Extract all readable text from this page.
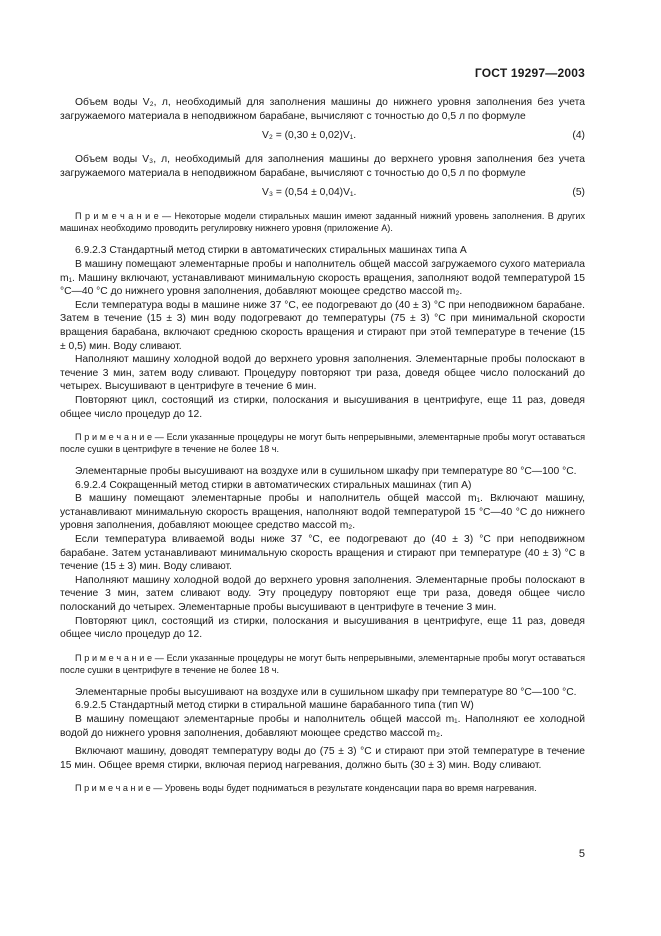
ГОСТ 19297—2003

Объем воды V₂, л, необходимый для заполнения машины до нижнего уровня заполнения без учета загружаемого материала в неподвижном барабане, вычисляют с точностью до 0,5 л по формуле

V₂ = (0,30 ± 0,02)V₁.	(4)

Объем воды V₃, л, необходимый для заполнения машины до верхнего уровня заполнения без учета загружаемого материала в неподвижном барабане, вычисляют с точностью до 0,5 л по формуле

V₃ = (0,54 ± 0,04)V₁.	(5)

П р и м е ч а н и е — Некоторые модели стиральных машин имеют заданный нижний уровень заполнения. В других машинах необходимо проводить регулировку нижнего уровня (приложение А).

6.9.2.3 Стандартный метод стирки в автоматических стиральных машинах типа А

В машину помещают элементарные пробы и наполнитель общей массой загружаемого сухого материала m₁. Машину включают, устанавливают минимальную скорость вращения, заполняют водой температурой 15 °С—40 °С до нижнего уровня заполнения, добавляют моющее средство массой m₂.

Если температура воды в машине ниже 37 °С, ее подогревают до (40 ± 3) °С при неподвижном барабане. Затем в течение (15 ± 3) мин воду подогревают до температуры (75 ± 3) °С при минимальной скорости вращения барабана, включают среднюю скорость вращения и стирают при этой температуре в течение (15 ± 0,5) мин. Воду сливают.

Наполняют машину холодной водой до верхнего уровня заполнения. Элементарные пробы полоскают в течение 3 мин, затем воду сливают. Процедуру повторяют три раза, доведя общее число полосканий до четырех. Высушивают в центрифуге в течение 6 мин.

Повторяют цикл, состоящий из стирки, полоскания и высушивания в центрифуге, еще 11 раз, доведя общее число процедур до 12.

П р и м е ч а н и е — Если указанные процедуры не могут быть непрерывными, элементарные пробы могут оставаться после сушки в центрифуге в течение не более 18 ч.

Элементарные пробы высушивают на воздухе или в сушильном шкафу при температуре 80 °С—100 °С.

6.9.2.4 Сокращенный метод стирки в автоматических стиральных машинах (тип А)

В машину помещают элементарные пробы и наполнитель общей массой m₁. Включают машину, устанавливают минимальную скорость вращения, наполняют водой температурой 15 °С—40 °С до нижнего уровня заполнения, добавляют моющее средство массой m₂.

Если температура вливаемой воды ниже 37 °С, ее подогревают до (40 ± 3) °С при неподвижном барабане. Затем устанавливают минимальную скорость вращения и стирают при температуре (40 ± 3) °С в течение (15 ± 3) мин. Воду сливают.

Наполняют машину холодной водой до верхнего уровня заполнения. Элементарные пробы полоскают в течение 3 мин, затем сливают воду. Эту процедуру повторяют еще три раза, доведя общее число полосканий до четырех. Элементарные пробы высушивают в центрифуге в течение 3 мин.

Повторяют цикл, состоящий из стирки, полоскания и высушивания в центрифуге, еще 11 раз, доведя общее число процедур до 12.

П р и м е ч а н и е — Если указанные процедуры не могут быть непрерывными, элементарные пробы могут оставаться после сушки в центрифуге в течение не более 18 ч.

Элементарные пробы высушивают на воздухе или в сушильном шкафу при температуре 80 °С—100 °С.

6.9.2.5 Стандартный метод стирки в стиральной машине барабанного типа (тип W)

В машину помещают элементарные пробы и наполнитель общей массой m₁. Наполняют ее холодной водой до нижнего уровня заполнения, добавляют моющее средство массой m₂.

Включают машину, доводят температуру воды до (75 ± 3) °С и стирают при этой температуре в течение 15 мин. Общее время стирки, включая период нагревания, должно быть (30 ± 3) мин. Воду сливают.

П р и м е ч а н и е — Уровень воды будет подниматься в результате конденсации пара во время нагревания.

5
